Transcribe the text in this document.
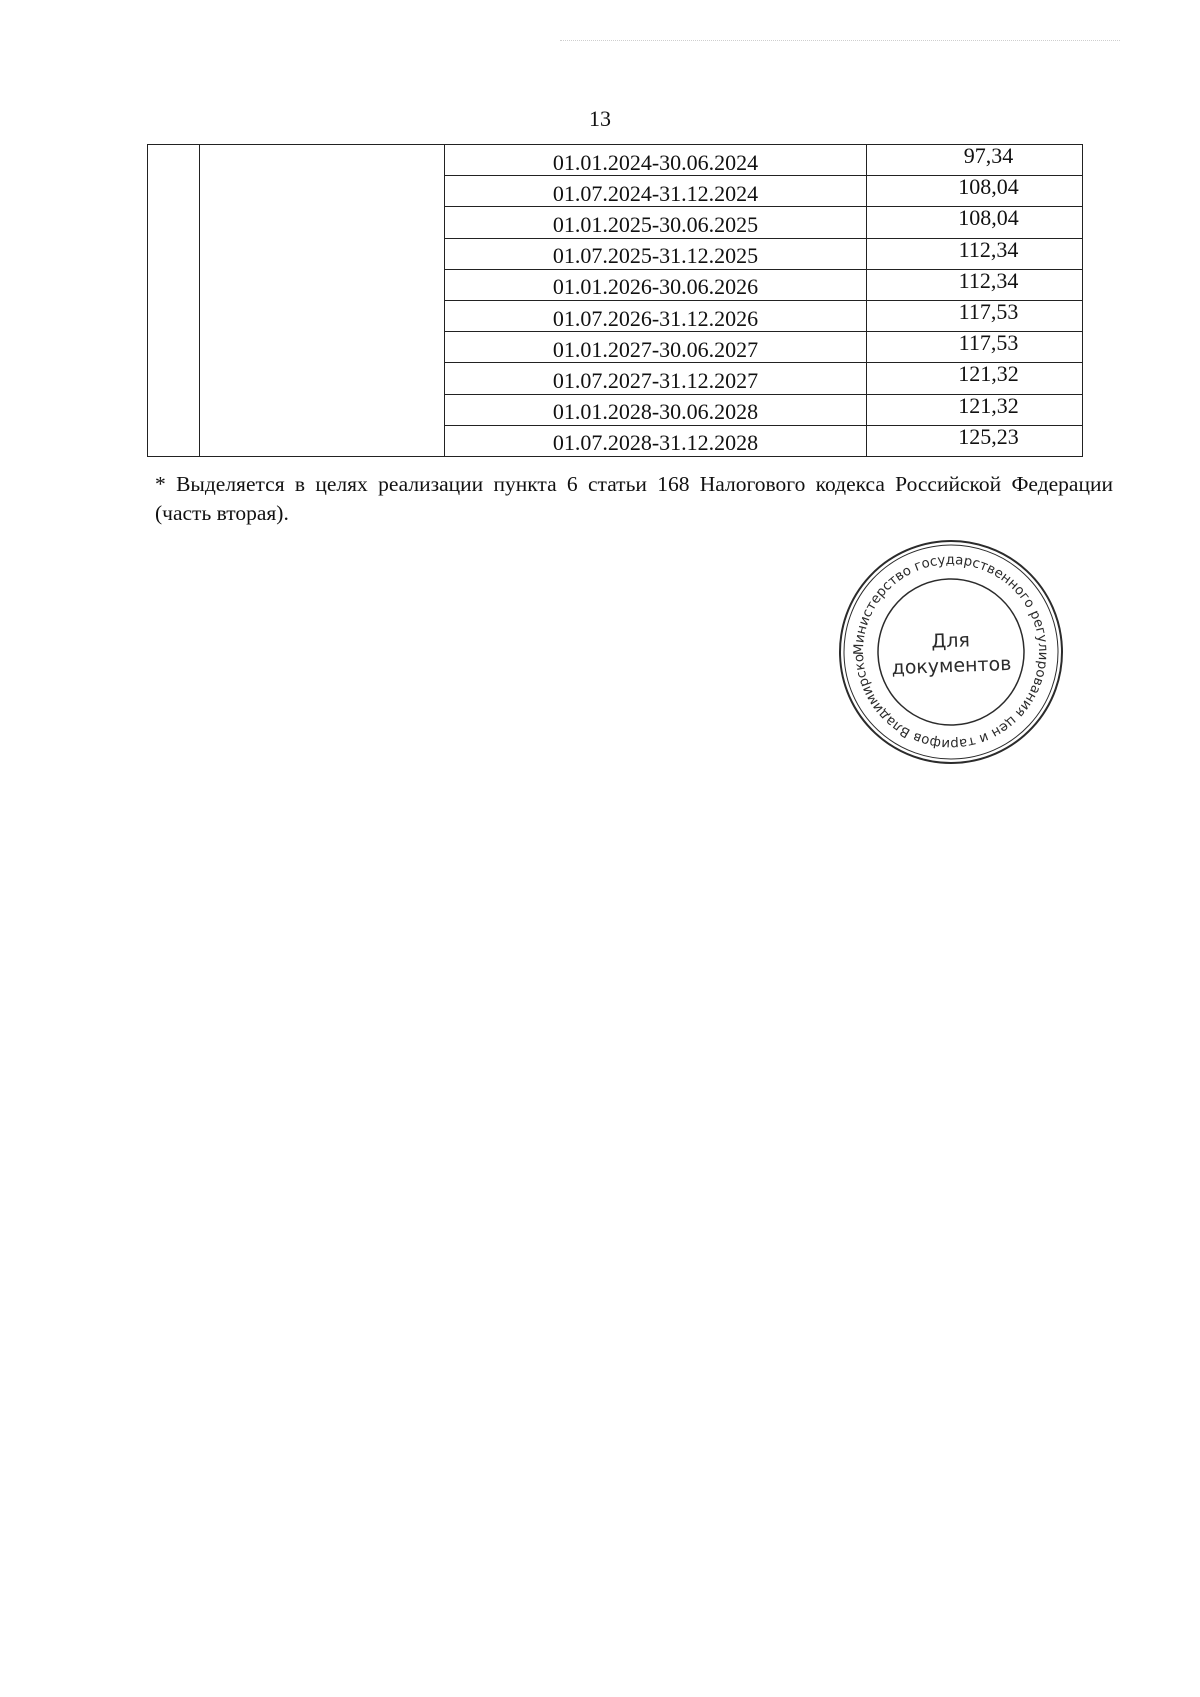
13
		01.01.2024-30.06.2024	97,34
		01.07.2024-31.12.2024	108,04
		01.01.2025-30.06.2025	108,04
		01.07.2025-31.12.2025	112,34
		01.01.2026-30.06.2026	112,34
		01.07.2026-31.12.2026	117,53
		01.01.2027-30.06.2027	117,53
		01.07.2027-31.12.2027	121,32
		01.01.2028-30.06.2028	121,32
		01.07.2028-31.12.2028	125,23
* Выделяется в целях реализации пункта 6 статьи 168 Налогового кодекса Российской Федерации (часть вторая).
Министерство государственного регулирования цен и тарифов Владимирской области *
Для
документов
